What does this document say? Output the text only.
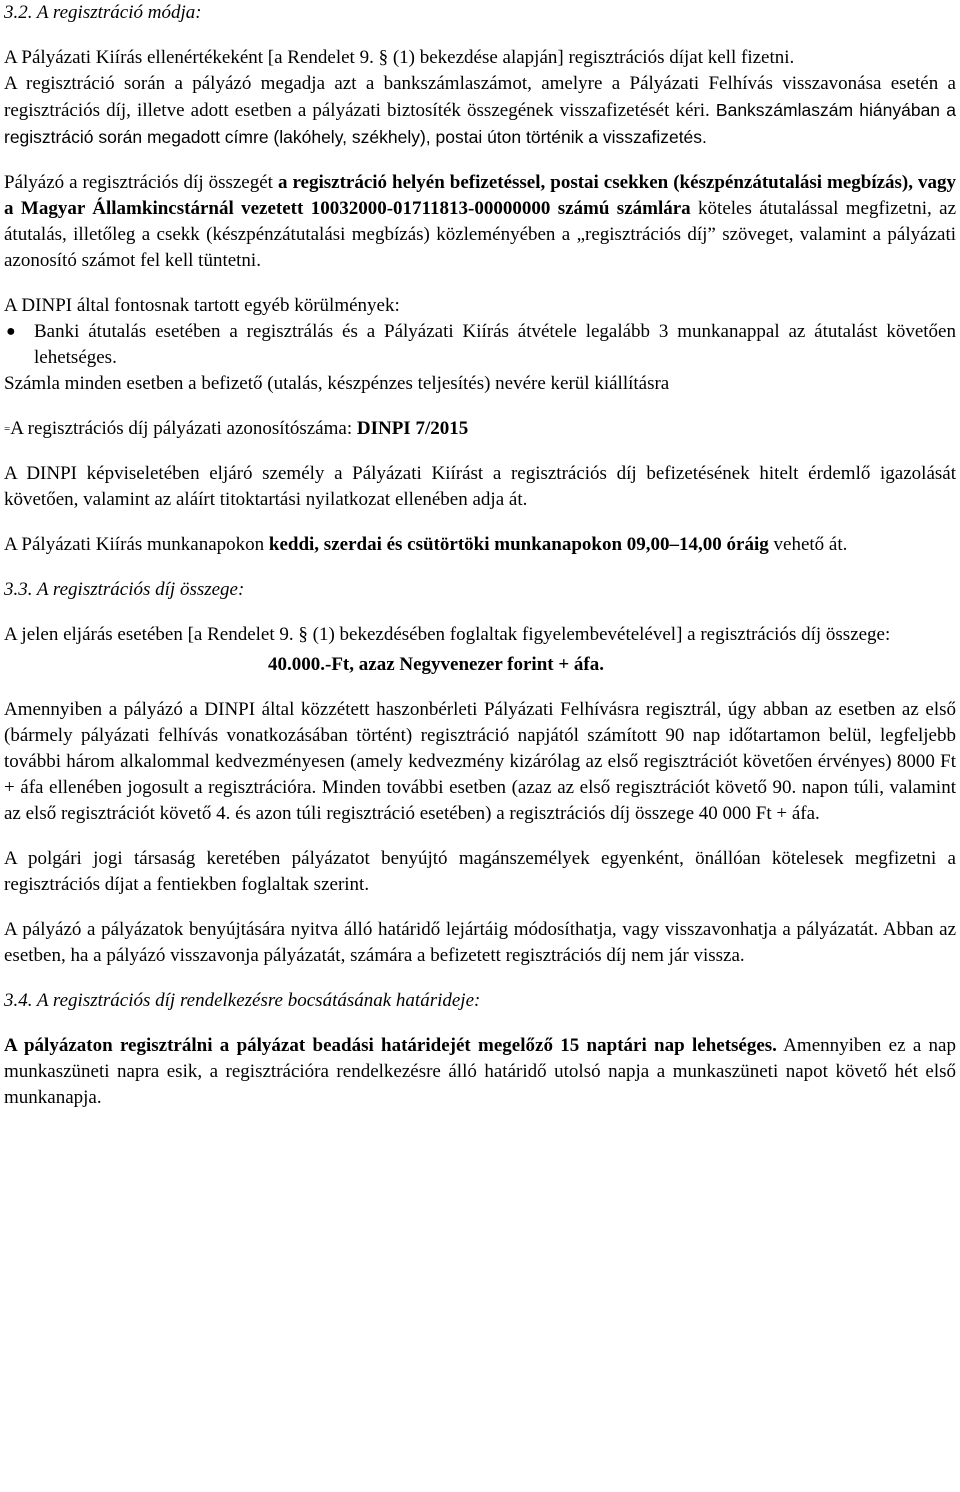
3.2. A regisztráció módja:

A Pályázati Kiírás ellenértékeként [a Rendelet 9. § (1) bekezdése alapján] regisztrációs díjat kell fizetni.

A regisztráció során a pályázó megadja azt a bankszámlaszámot, amelyre a Pályázati Felhívás visszavonása esetén a regisztrációs díj, illetve adott esetben a pályázati biztosíték összegének visszafizetését kéri. Bankszámlaszám hiányában a regisztráció során megadott címre (lakóhely, székhely), postai úton történik a visszafizetés.

Pályázó a regisztrációs díj összegét a regisztráció helyén befizetéssel, postai csekken (készpénzátutalási megbízás), vagy a Magyar Államkincstárnál vezetett 10032000-01711813-00000000 számú számlára köteles átutalással megfizetni, az átutalás, illetőleg a csekk (készpénzátutalási megbízás) közleményében a „regisztrációs díj” szöveget, valamint a pályázati azonosító számot fel kell tüntetni.

A DINPI által fontosnak tartott egyéb körülmények:

● Banki átutalás esetében a regisztrálás és a Pályázati Kiírás átvétele legalább 3 munkanappal az átutalást követően lehetséges.

Számla minden esetben a befizető (utalás, készpénzes teljesítés) nevére kerül kiállításra

=A regisztrációs díj pályázati azonosítószáma: DINPI 7/2015

A DINPI képviseletében eljáró személy a Pályázati Kiírást a regisztrációs díj befizetésének hitelt érdemlő igazolását követően, valamint az aláírt titoktartási nyilatkozat ellenében adja át.

A Pályázati Kiírás munkanapokon keddi, szerdai és csütörtöki munkanapokon 09,00–14,00 óráig vehető át.

3.3. A regisztrációs díj összege:

A jelen eljárás esetében [a Rendelet 9. § (1) bekezdésében foglaltak figyelembevételével] a regisztrációs díj összege:

40.000.-Ft, azaz Negyvenezer forint + áfa.

Amennyiben a pályázó a DINPI által közzétett haszonbérleti Pályázati Felhívásra regisztrál, úgy abban az esetben az első (bármely pályázati felhívás vonatkozásában történt) regisztráció napjától számított 90 nap időtartamon belül, legfeljebb további három alkalommal kedvezményesen (amely kedvezmény kizárólag az első regisztrációt követően érvényes) 8000 Ft + áfa ellenében jogosult a regisztrációra. Minden további esetben (azaz az első regisztrációt követő 90. napon túli, valamint az első regisztrációt követő 4. és azon túli regisztráció esetében) a regisztrációs díj összege 40 000 Ft + áfa.

A polgári jogi társaság keretében pályázatot benyújtó magánszemélyek egyenként, önállóan kötelesek megfizetni a regisztrációs díjat a fentiekben foglaltak szerint.

A pályázó a pályázatok benyújtására nyitva álló határidő lejártáig módosíthatja, vagy visszavonhatja a pályázatát. Abban az esetben, ha a pályázó visszavonja pályázatát, számára a befizetett regisztrációs díj nem jár vissza.

3.4. A regisztrációs díj rendelkezésre bocsátásának határideje:

A pályázaton regisztrálni a pályázat beadási határidejét megelőző 15 naptári nap lehetséges. Amennyiben ez a nap munkaszüneti napra esik, a regisztrációra rendelkezésre álló határidő utolsó napja a munkaszüneti napot követő hét első munkanapja.
